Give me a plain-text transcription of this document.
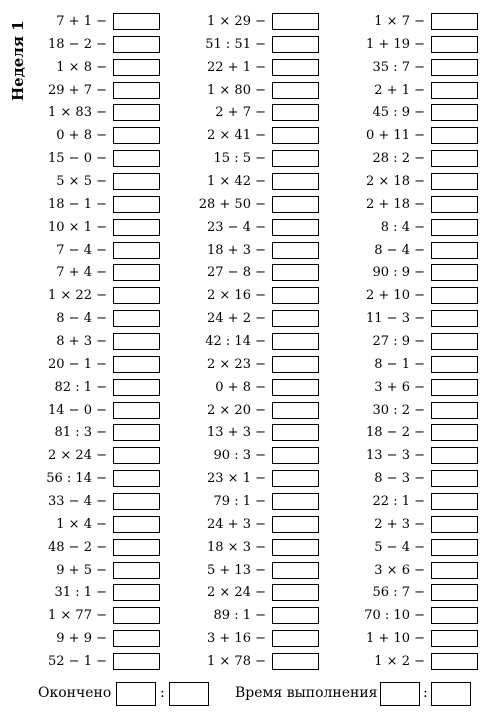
Неделя 1 7 + 1 −
18 − 2 −
1 × 8 −
29 + 7 −
1 × 83 −
0 + 8 −
15 − 0 −
5 × 5 −
18 − 1 −
10 × 1 −
7 − 4 −
7 + 4 −
1 × 22 −
8 − 4 −
8 + 3 −
20 − 1 −
82 : 1 −
14 − 0 −
81 : 3 −
2 × 24 −
56 : 14 −
33 − 4 −
1 × 4 −
48 − 2 −
9 + 5 −
31 : 1 −
1 × 77 −
9 + 9 −
52 − 1 −
1 × 29 −
51 : 51 −
22 + 1 −
1 × 80 −
2 + 7 −
2 × 41 −
15 : 5 −
1 × 42 −
28 + 50 −
23 − 4 −
18 + 3 −
27 − 8 −
2 × 16 −
24 + 2 −
42 : 14 −
2 × 23 −
0 + 8 −
2 × 20 −
13 + 3 −
90 : 3 −
23 × 1 −
79 : 1 −
24 + 3 −
18 × 3 −
5 + 13 −
2 × 24 −
89 : 1 −
3 + 16 −
1 × 78 −
1 × 7 −
1 + 19 −
35 : 7 −
2 + 1 −
45 : 9 −
0 + 11 −
28 : 2 −
2 × 18 −
2 + 18 −
8 : 4 −
8 − 4 −
90 : 9 −
2 + 10 −
11 − 3 −
27 : 9 −
8 − 1 −
3 + 6 −
30 : 2 −
18 − 2 −
13 − 3 −
8 − 3 −
22 : 1 −
2 + 3 −
5 − 4 −
3 × 6 −
56 : 7 −
70 : 10 −
1 + 10 −
1 × 2 −
Окончено	:	Время выполнения	:
